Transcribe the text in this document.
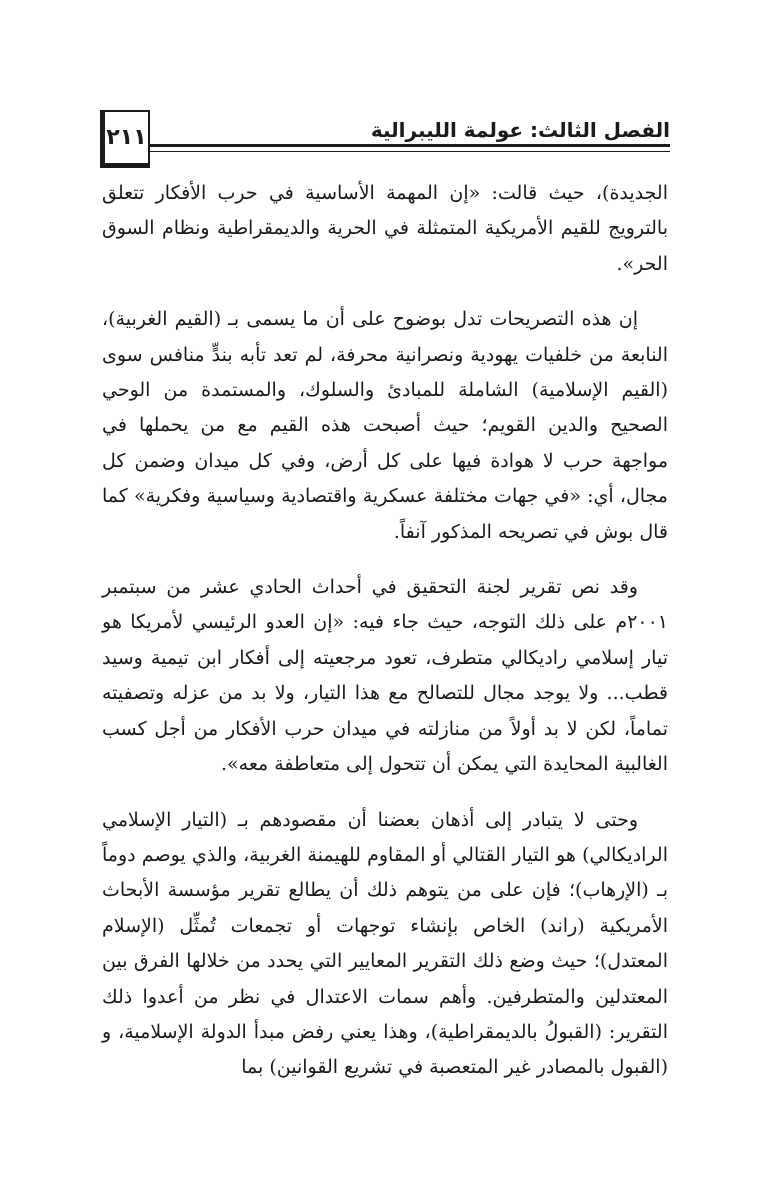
الفصل الثالث: عولمة الليبرالية
٢١١

الجديدة)، حيث قالت: «إن المهمة الأساسية في حرب الأفكار تتعلق بالترويج للقيم الأمريكية المتمثلة في الحرية والديمقراطية ونظام السوق الحر».

إن هذه التصريحات تدل بوضوح على أن ما يسمى بـ (القيم الغربية)، النابعة من خلفيات يهودية ونصرانية محرفة، لم تعد تأبه بندٍّ منافس سوى (القيم الإسلامية) الشاملة للمبادئ والسلوك، والمستمدة من الوحي الصحيح والدين القويم؛ حيث أصبحت هذه القيم مع من يحملها في مواجهة حرب لا هوادة فيها على كل أرض، وفي كل ميدان وضمن كل مجال، أي: «في جهات مختلفة عسكرية واقتصادية وسياسية وفكرية» كما قال بوش في تصريحه المذكور آنفاً.

وقد نص تقرير لجنة التحقيق في أحداث الحادي عشر من سبتمبر ٢٠٠١م على ذلك التوجه، حيث جاء فيه: «إن العدو الرئيسي لأمريكا هو تيار إسلامي راديكالي متطرف، تعود مرجعيته إلى أفكار ابن تيمية وسيد قطب... ولا يوجد مجال للتصالح مع هذا التيار، ولا بد من عزله وتصفيته تماماً، لكن لا بد أولاً من منازلته في ميدان حرب الأفكار من أجل كسب الغالبية المحايدة التي يمكن أن تتحول إلى متعاطفة معه».

وحتى لا يتبادر إلى أذهان بعضنا أن مقصودهم بـ (التيار الإسلامي الراديكالي) هو التيار القتالي أو المقاوم للهيمنة الغربية، والذي يوصم دوماً بـ (الإرهاب)؛ فإن على من يتوهم ذلك أن يطالع تقرير مؤسسة الأبحاث الأمريكية (راند) الخاص بإنشاء توجهات أو تجمعات تُمثِّل (الإسلام المعتدل)؛ حيث وضع ذلك التقرير المعايير التي يحدد من خلالها الفرق بين المعتدلين والمتطرفين. وأهم سمات الاعتدال في نظر من أعدوا ذلك التقرير: (القبولُ بالديمقراطية)، وهذا يعني رفض مبدأ الدولة الإسلامية، و (القبول بالمصادر غير المتعصبة في تشريع القوانين) بما
